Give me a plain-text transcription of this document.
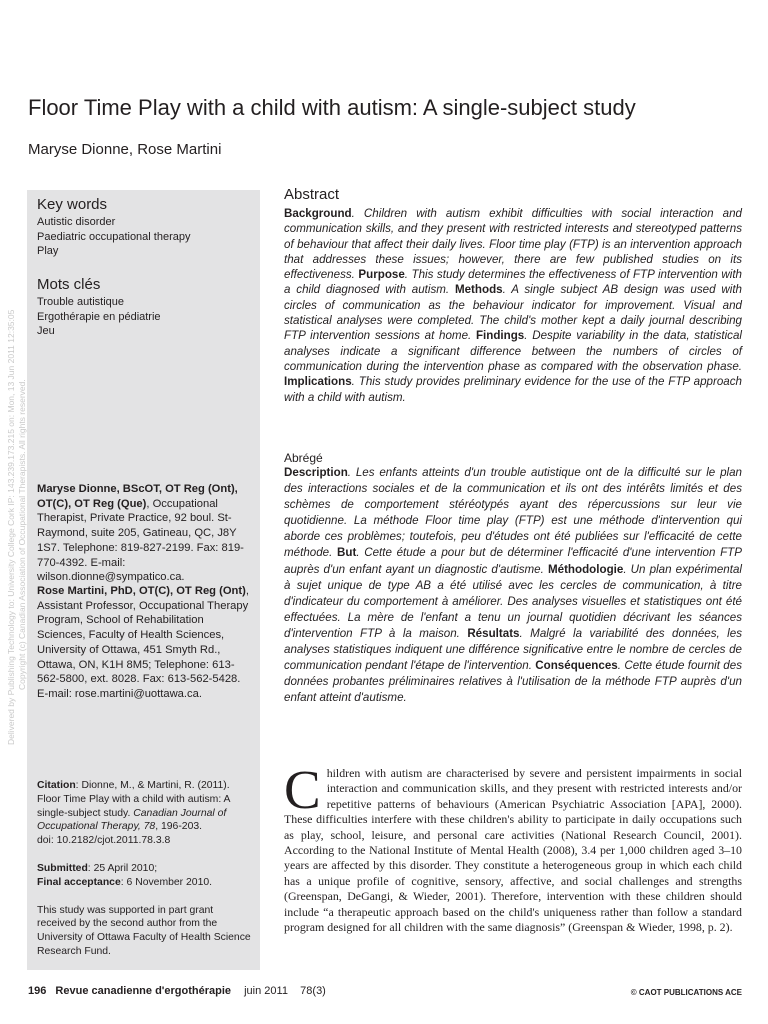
Floor Time Play with a child with autism: A single-subject study
Maryse Dionne, Rose Martini
Delivered by Publishing Technology to: University College Cork IP: 143.239.173.215 on: Mon, 13 Jun 2011 12:35:05 Copyright (c) Canadian Association of Occupational Therapists. All rights reserved.
Key words
Autistic disorder
Paediatric occupational therapy
Play
Mots clés
Trouble autistique
Ergothérapie en pédiatrie
Jeu
Maryse Dionne, BScOT, OT Reg (Ont), OT(C), OT Reg (Que), Occupational Therapist, Private Practice, 92 boul. St-Raymond, suite 205, Gatineau, QC, J8Y 1S7. Telephone: 819-827-2199. Fax: 819-770-4392. E-mail: wilson.dionne@sympatico.ca.
Rose Martini, PhD, OT(C), OT Reg (Ont), Assistant Professor, Occupational Therapy Program, School of Rehabilitation Sciences, Faculty of Health Sciences, University of Ottawa, 451 Smyth Rd., Ottawa, ON, K1H 8M5; Telephone: 613-562-5800, ext. 8028. Fax: 613-562-5428. E-mail: rose.martini@uottawa.ca.

Citation: Dionne, M., & Martini, R. (2011). Floor Time Play with a child with autism: A single-subject study. Canadian Journal of Occupational Therapy, 78, 196-203.
doi: 10.2182/cjot.2011.78.3.8

Submitted: 25 April 2010;
Final acceptance: 6 November 2010.

This study was supported in part grant received by the second author from the University of Ottawa Faculty of Health Science Research Fund.

Abstract
Background. Children with autism exhibit difficulties with social interaction and communication skills, and they present with restricted interests and stereotyped patterns of behaviour that affect their daily lives. Floor time play (FTP) is an intervention approach that addresses these issues; however, there are few published studies on its effectiveness. Purpose. This study determines the effectiveness of FTP intervention with a child diagnosed with autism. Methods. A single subject AB design was used with circles of communication as the behaviour indicator for improvement. Visual and statistical analyses were completed. The child's mother kept a daily journal describing FTP intervention sessions at home. Findings. Despite variability in the data, statistical analyses indicate a significant difference between the numbers of circles of communication during the intervention phase as compared with the observation phase. Implications. This study provides preliminary evidence for the use of the FTP approach with a child with autism.
Abrégé
Description. Les enfants atteints d'un trouble autistique ont de la difficulté sur le plan des interactions sociales et de la communication et ils ont des intérêts limités et des schèmes de comportement stéréotypés ayant des répercussions sur leur vie quotidienne. La méthode Floor time play (FTP) est une méthode d'intervention qui aborde ces problèmes; toutefois, peu d'études ont été publiées sur l'efficacité de cette méthode. But. Cette étude a pour but de déterminer l'efficacité d'une intervention FTP auprès d'un enfant ayant un diagnostic d'autisme. Méthodologie. Un plan expérimental à sujet unique de type AB a été utilisé avec les cercles de communication, à titre d'indicateur du comportement à améliorer. Des analyses visuelles et statistiques ont été effectuées. La mère de l'enfant a tenu un journal quotidien décrivant les séances d'intervention FTP à la maison. Résultats. Malgré la variabilité des données, les analyses statistiques indiquent une différence significative entre le nombre de cercles de communication pendant l'étape de l'intervention. Conséquences. Cette étude fournit des données probantes préliminaires relatives à l'utilisation de la méthode FTP auprès d'un enfant atteint d'autisme.
Children with autism are characterised by severe and persistent impairments in social interaction and communication skills, and they present with restricted interests and/or repetitive patterns of behaviours (American Psychiatric Association [APA], 2000). These difficulties interfere with these children's ability to participate in daily occupations such as play, school, leisure, and personal care activities (National Research Council, 2001). According to the National Institute of Mental Health (2008), 3.4 per 1,000 children aged 3–10 years are affected by this disorder. They constitute a heterogeneous group in which each child has a unique profile of cognitive, sensory, affective, and social challenges and strengths (Greenspan, DeGangi, & Wieder, 2001). Therefore, intervention with these children should include “a therapeutic approach based on the child's uniqueness rather than follow a standard program designed for all children with the same diagnosis” (Greenspan & Wieder, 1998, p. 2).
196 Revue canadienne d'ergothérapie juin 2011    78(3)	© CAOT PUBLICATIONS ACE
